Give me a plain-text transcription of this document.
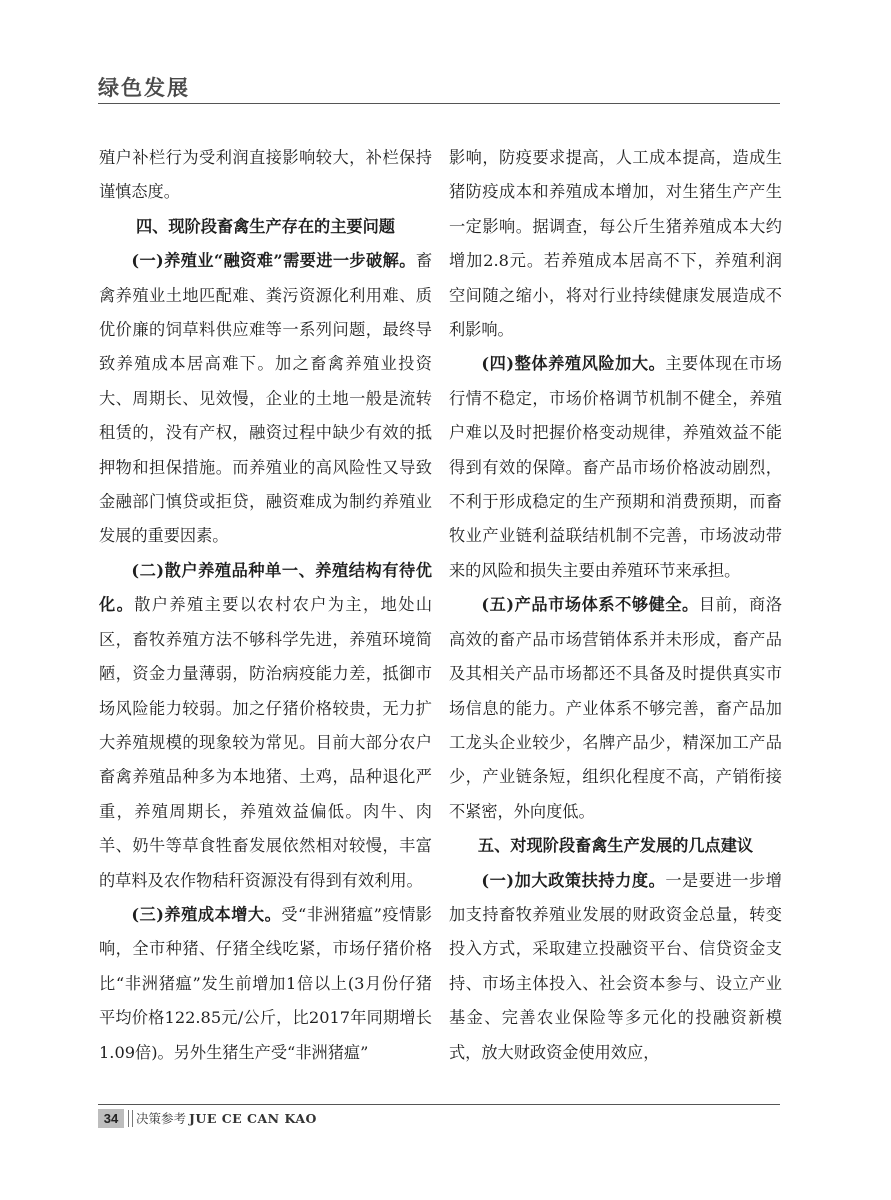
绿色发展

殖户补栏行为受利润直接影响较大，补栏保持谨慎态度。

四、现阶段畜禽生产存在的主要问题

(一)养殖业“融资难”需要进一步破解。畜禽养殖业土地匹配难、粪污资源化利用难、质优价廉的饲草料供应难等一系列问题，最终导致养殖成本居高难下。加之畜禽养殖业投资大、周期长、见效慢，企业的土地一般是流转租赁的，没有产权，融资过程中缺少有效的抵押物和担保措施。而养殖业的高风险性又导致金融部门慎贷或拒贷，融资难成为制约养殖业发展的重要因素。

(二)散户养殖品种单一、养殖结构有待优化。散户养殖主要以农村农户为主，地处山区，畜牧养殖方法不够科学先进，养殖环境简陋，资金力量薄弱，防治病疫能力差，抵御市场风险能力较弱。加之仔猪价格较贵，无力扩大养殖规模的现象较为常见。目前大部分农户畜禽养殖品种多为本地猪、土鸡，品种退化严重，养殖周期长，养殖效益偏低。肉牛、肉羊、奶牛等草食牲畜发展依然相对较慢，丰富的草料及农作物秸秆资源没有得到有效利用。

(三)养殖成本增大。受“非洲猪瘟”疫情影响，全市种猪、仔猪全线吃紧，市场仔猪价格比“非洲猪瘟”发生前增加1倍以上(3月份仔猪平均价格122.85元/公斤，比2017年同期增长1.09倍)。另外生猪生产受“非洲猪瘟”

影响，防疫要求提高，人工成本提高，造成生猪防疫成本和养殖成本增加，对生猪生产产生一定影响。据调查，每公斤生猪养殖成本大约增加2.8元。若养殖成本居高不下，养殖利润空间随之缩小，将对行业持续健康发展造成不利影响。

(四)整体养殖风险加大。主要体现在市场行情不稳定，市场价格调节机制不健全，养殖户难以及时把握价格变动规律，养殖效益不能得到有效的保障。畜产品市场价格波动剧烈，不利于形成稳定的生产预期和消费预期，而畜牧业产业链利益联结机制不完善，市场波动带来的风险和损失主要由养殖环节来承担。

(五)产品市场体系不够健全。目前，商洛高效的畜产品市场营销体系并未形成，畜产品及其相关产品市场都还不具备及时提供真实市场信息的能力。产业体系不够完善，畜产品加工龙头企业较少，名牌产品少，精深加工产品少，产业链条短，组织化程度不高，产销衔接不紧密，外向度低。

五、对现阶段畜禽生产发展的几点建议

(一)加大政策扶持力度。一是要进一步增加支持畜牧养殖业发展的财政资金总量，转变投入方式，采取建立投融资平台、信贷资金支持、市场主体投入、社会资本参与、设立产业基金、完善农业保险等多元化的投融资新模式，放大财政资金使用效应，

34	决策参考 JUE CE CAN KAO
